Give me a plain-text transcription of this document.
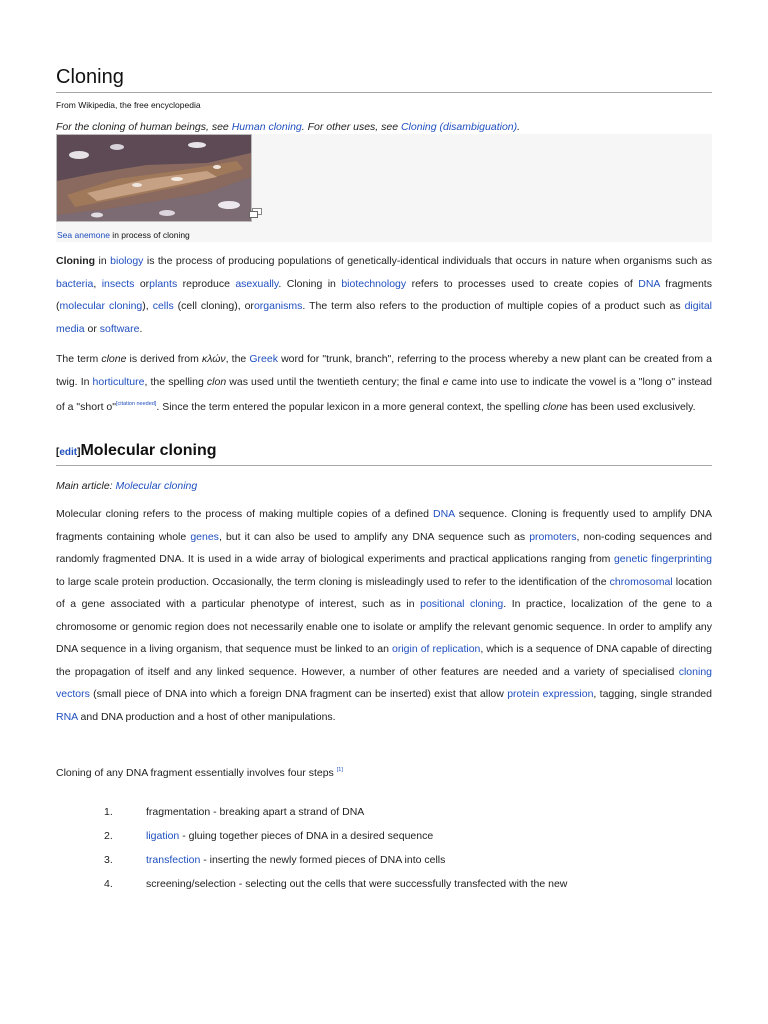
Cloning
From Wikipedia, the free encyclopedia
For the cloning of human beings, see Human cloning. For other uses, see Cloning (disambiguation).
Sea anemone in process of cloning
Cloning in biology is the process of producing populations of genetically-identical individuals that occurs in nature when organisms such as bacteria, insects orplants reproduce asexually. Cloning in biotechnology refers to processes used to create copies of DNA fragments (molecular cloning), cells (cell cloning), ororganisms. The term also refers to the production of multiple copies of a product such as digital media or software.
The term clone is derived from κλών, the Greek word for "trunk, branch", referring to the process whereby a new plant can be created from a twig. In horticulture, the spelling clon was used until the twentieth century; the final e came into use to indicate the vowel is a "long o" instead of a "short o"[citation needed]. Since the term entered the popular lexicon in a more general context, the spelling clone has been used exclusively.
[edit]Molecular cloning
Main article: Molecular cloning
Molecular cloning refers to the process of making multiple copies of a defined DNA sequence. Cloning is frequently used to amplify DNA fragments containing whole genes, but it can also be used to amplify any DNA sequence such as promoters, non-coding sequences and randomly fragmented DNA. It is used in a wide array of biological experiments and practical applications ranging from genetic fingerprinting to large scale protein production. Occasionally, the term cloning is misleadingly used to refer to the identification of the chromosomal location of a gene associated with a particular phenotype of interest, such as in positional cloning. In practice, localization of the gene to a chromosome or genomic region does not necessarily enable one to isolate or amplify the relevant genomic sequence. In order to amplify any DNA sequence in a living organism, that sequence must be linked to an origin of replication, which is a sequence of DNA capable of directing the propagation of itself and any linked sequence. However, a number of other features are needed and a variety of specialised cloning vectors (small piece of DNA into which a foreign DNA fragment can be inserted) exist that allow protein expression, tagging, single stranded RNA and DNA production and a host of other manipulations.
Cloning of any DNA fragment essentially involves four steps [1]
1.	fragmentation - breaking apart a strand of DNA
2.	ligation - gluing together pieces of DNA in a desired sequence
3.	transfection - inserting the newly formed pieces of DNA into cells
4.	screening/selection - selecting out the cells that were successfully transfected with the new
